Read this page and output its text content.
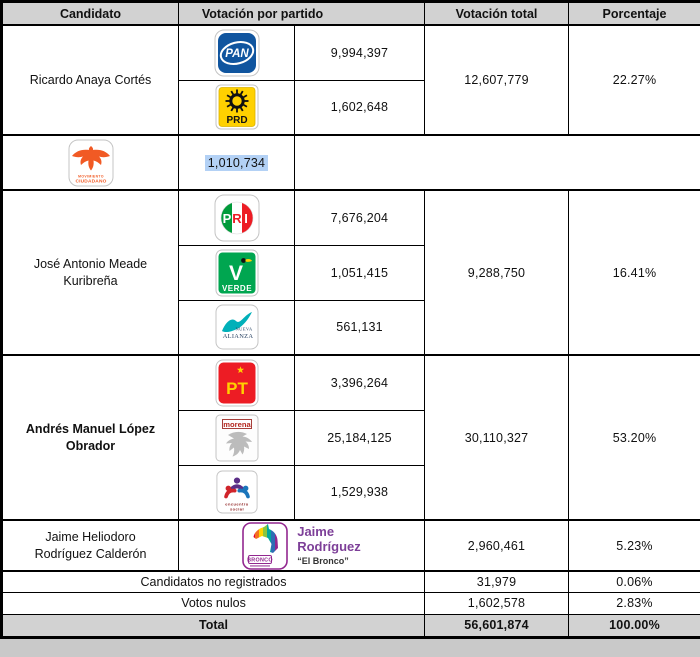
Candidato	Votación por partido		Votación total	Porcentaje
Ricardo Anaya Cortés	PAN	9,994,397	12,607,779	22.27%

PRD	1,602,648		

MOVIMIENTO
CIUDADANO	1,010,734			
José Antonio Meade Kuribreña	P R I	7,676,204	9,288,750	16.41%

V
VERDE	1,051,415		

NUEVA
ALIANZA	561,131		
Andrés Manuel López Obrador	PT	3,396,264	30,110,327	53.20%

morena	25,184,125		

encuentro
social	1,529,938		
Jaime Heliodoro Rodríguez Calderón	BRONCO
Jaime
Rodríguez
“El Bronco”		2,960,461	5.23%
Candidatos no registrados			31,979	0.06%
Votos nulos			1,602,578	2.83%
Total			56,601,874	100.00%
